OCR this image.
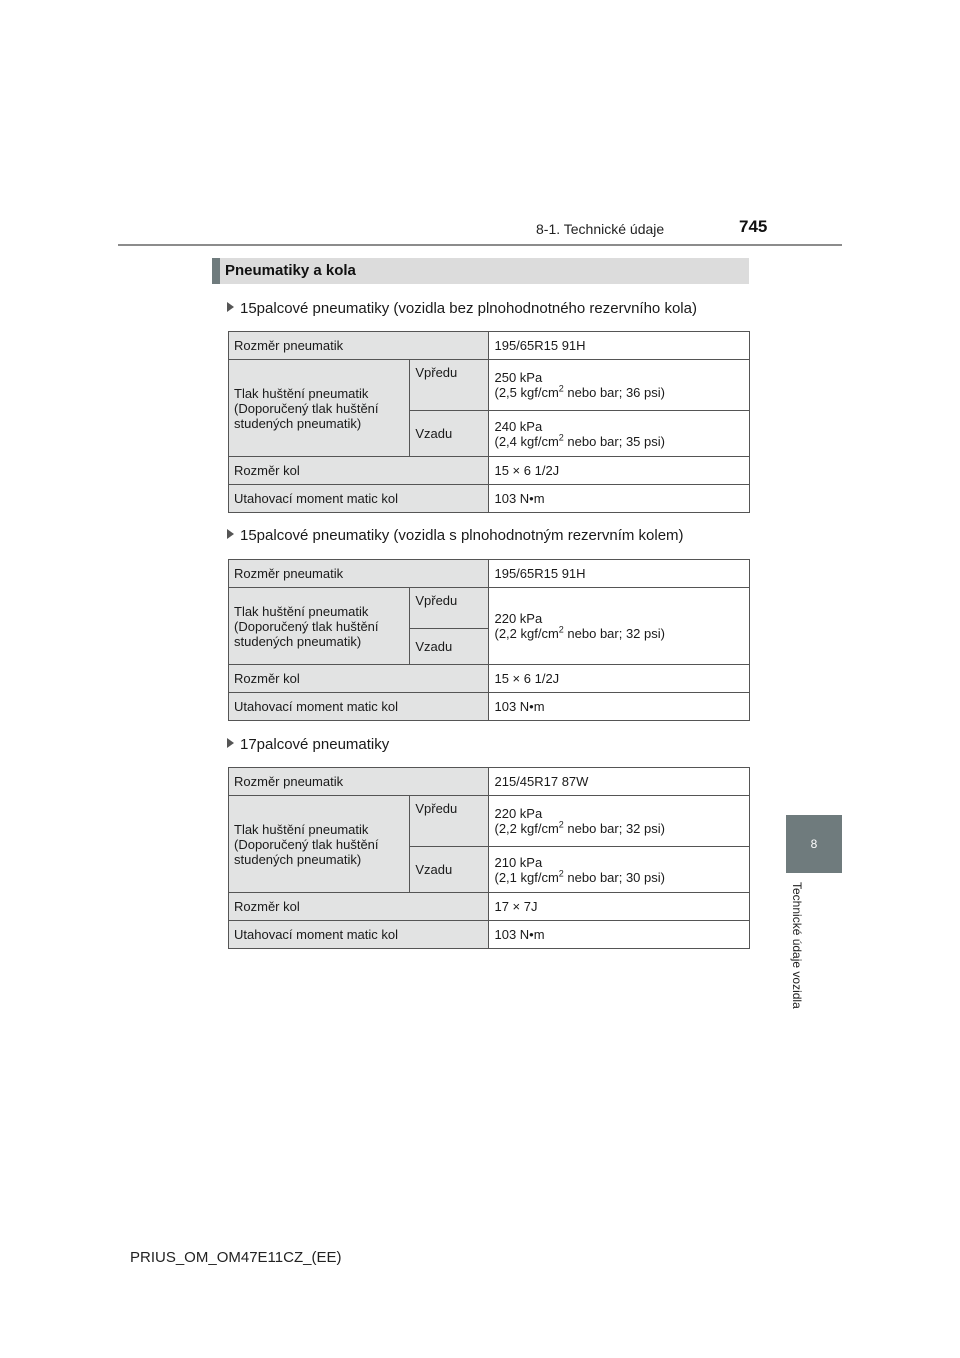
8-1. Technické údaje	745
8
Technické údaje vozidla
Pneumatiky a kola
15palcové pneumatiky (vozidla bez plnohodnotného rezervního kola)
Rozměr pneumatik		195/65R15 91H
Tlak huštění pneumatik (Doporučený tlak huštění studených pneumatik)	Vpředu	250 kPa
(2,5 kgf/$cm^2$ nebo bar; 36 psi)

	Vzadu	240 kPa
(2,4 kgf/$cm^2$ nebo bar; 35 psi)

Rozměr kol		15 × 6 1/2J
Utahovací moment matic kol		103 N•m
15palcové pneumatiky (vozidla s plnohodnotným rezervním kolem)
Rozměr pneumatik		195/65R15 91H
Tlak huštění pneumatik (Doporučený tlak huštění studených pneumatik)	Vpředu	220 kPa
(2,2 kgf/$cm^2$ nebo bar; 32 psi)

	Vzadu	
Rozměr kol		15 × 6 1/2J
Utahovací moment matic kol		103 N•m
17palcové pneumatiky
Rozměr pneumatik		215/45R17 87W
Tlak huštění pneumatik (Doporučený tlak huštění studených pneumatik)	Vpředu	220 kPa
(2,2 kgf/$cm^2$ nebo bar; 32 psi)

	Vzadu	210 kPa
(2,1 kgf/$cm^2$ nebo bar; 30 psi)

Rozměr kol		17 × 7J
Utahovací moment matic kol		103 N•m
PRIUS_OM_OM47E11CZ_(EE)
